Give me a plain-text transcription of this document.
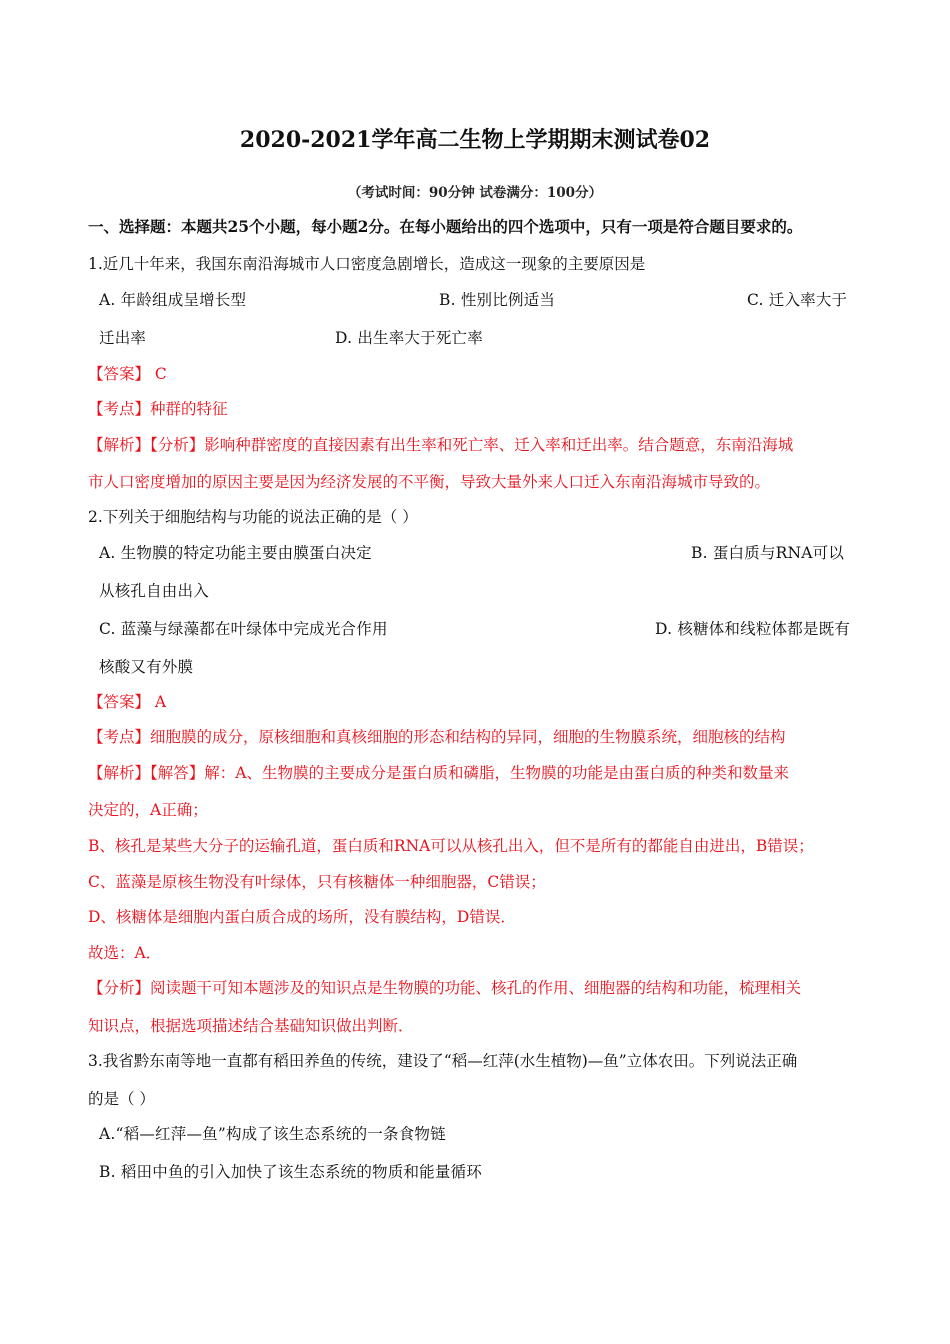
2020-2021学年高二生物上学期期末测试卷02
（考试时间：90分钟 试卷满分：100分）
一、选择题：本题共25个小题，每小题2分。在每小题给出的四个选项中，只有一项是符合题目要求的。
1.近几十年来，我国东南沿海城市人口密度急剧增长，造成这一现象的主要原因是
A. 年龄组成呈增长型	B. 性别比例适当	C. 迁入率大于
迁出率	D. 出生率大于死亡率
【答案】 C
【考点】种群的特征
【解析】【分析】影响种群密度的直接因素有出生率和死亡率、迁入率和迁出率。结合题意，东南沿海城
市人口密度增加的原因主要是因为经济发展的不平衡，导致大量外来人口迁入东南沿海城市导致的。
2.下列关于细胞结构与功能的说法正确的是（ ）
A. 生物膜的特定功能主要由膜蛋白决定	B. 蛋白质与RNA可以
从核孔自由出入
C. 蓝藻与绿藻都在叶绿体中完成光合作用	D. 核糖体和线粒体都是既有
核酸又有外膜
【答案】 A
【考点】细胞膜的成分，原核细胞和真核细胞的形态和结构的异同，细胞的生物膜系统，细胞核的结构
【解析】【解答】解：A、生物膜的主要成分是蛋白质和磷脂，生物膜的功能是由蛋白质的种类和数量来
决定的，A正确；
B、核孔是某些大分子的运输孔道，蛋白质和RNA可以从核孔出入，但不是所有的都能自由进出，B错误；
C、蓝藻是原核生物没有叶绿体，只有核糖体一种细胞器，C错误；
D、核糖体是细胞内蛋白质合成的场所，没有膜结构，D错误．
故选：A．
【分析】阅读题干可知本题涉及的知识点是生物膜的功能、核孔的作用、细胞器的结构和功能，梳理相关
知识点，根据选项描述结合基础知识做出判断．
3.我省黔东南等地一直都有稻田养鱼的传统，建设了“稻—红萍(水生植物)—鱼”立体农田。下列说法正确
的是（ ）
A.“稻—红萍—鱼”构成了该生态系统的一条食物链
B. 稻田中鱼的引入加快了该生态系统的物质和能量循环
